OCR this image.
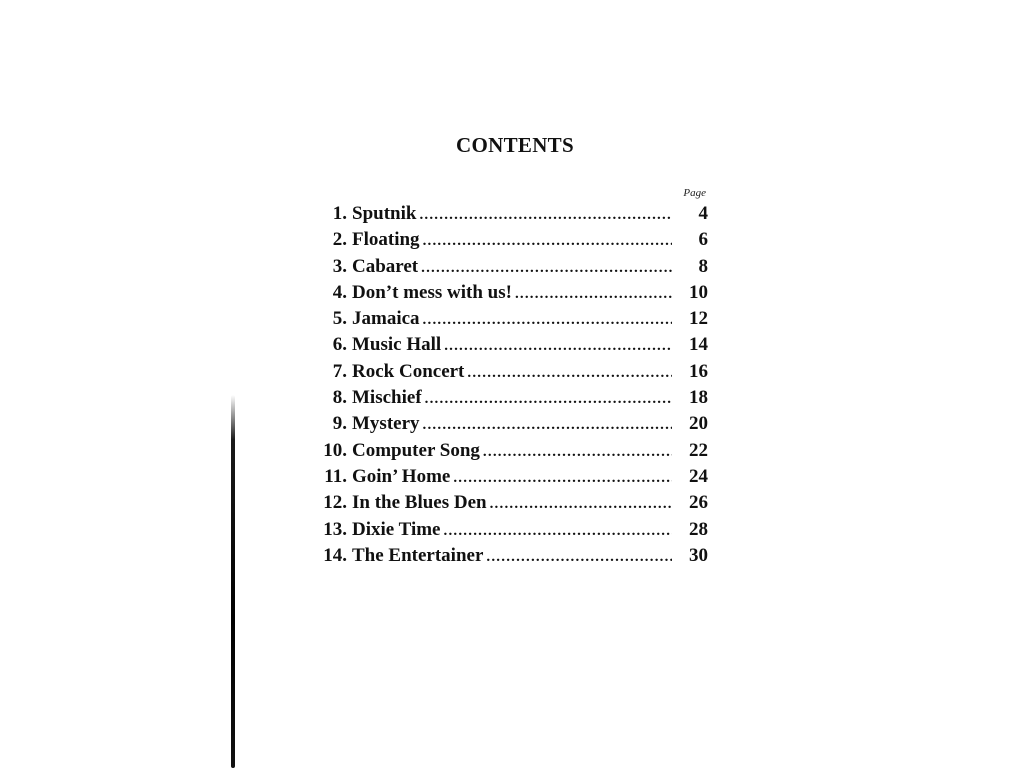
CONTENTS
Page
1. Sputnik .....	4
2. Floating .....	6
3. Cabaret .....	8
4. Don’t mess with us! .....	10
5. Jamaica .....	12
6. Music Hall .....	14
7. Rock Concert .....	16
8. Mischief .....	18
9. Mystery .....	20
10. Computer Song .....	22
11. Goin’ Home .....	24
12. In the Blues Den .....	26
13. Dixie Time .....	28
14. The Entertainer .....	30
